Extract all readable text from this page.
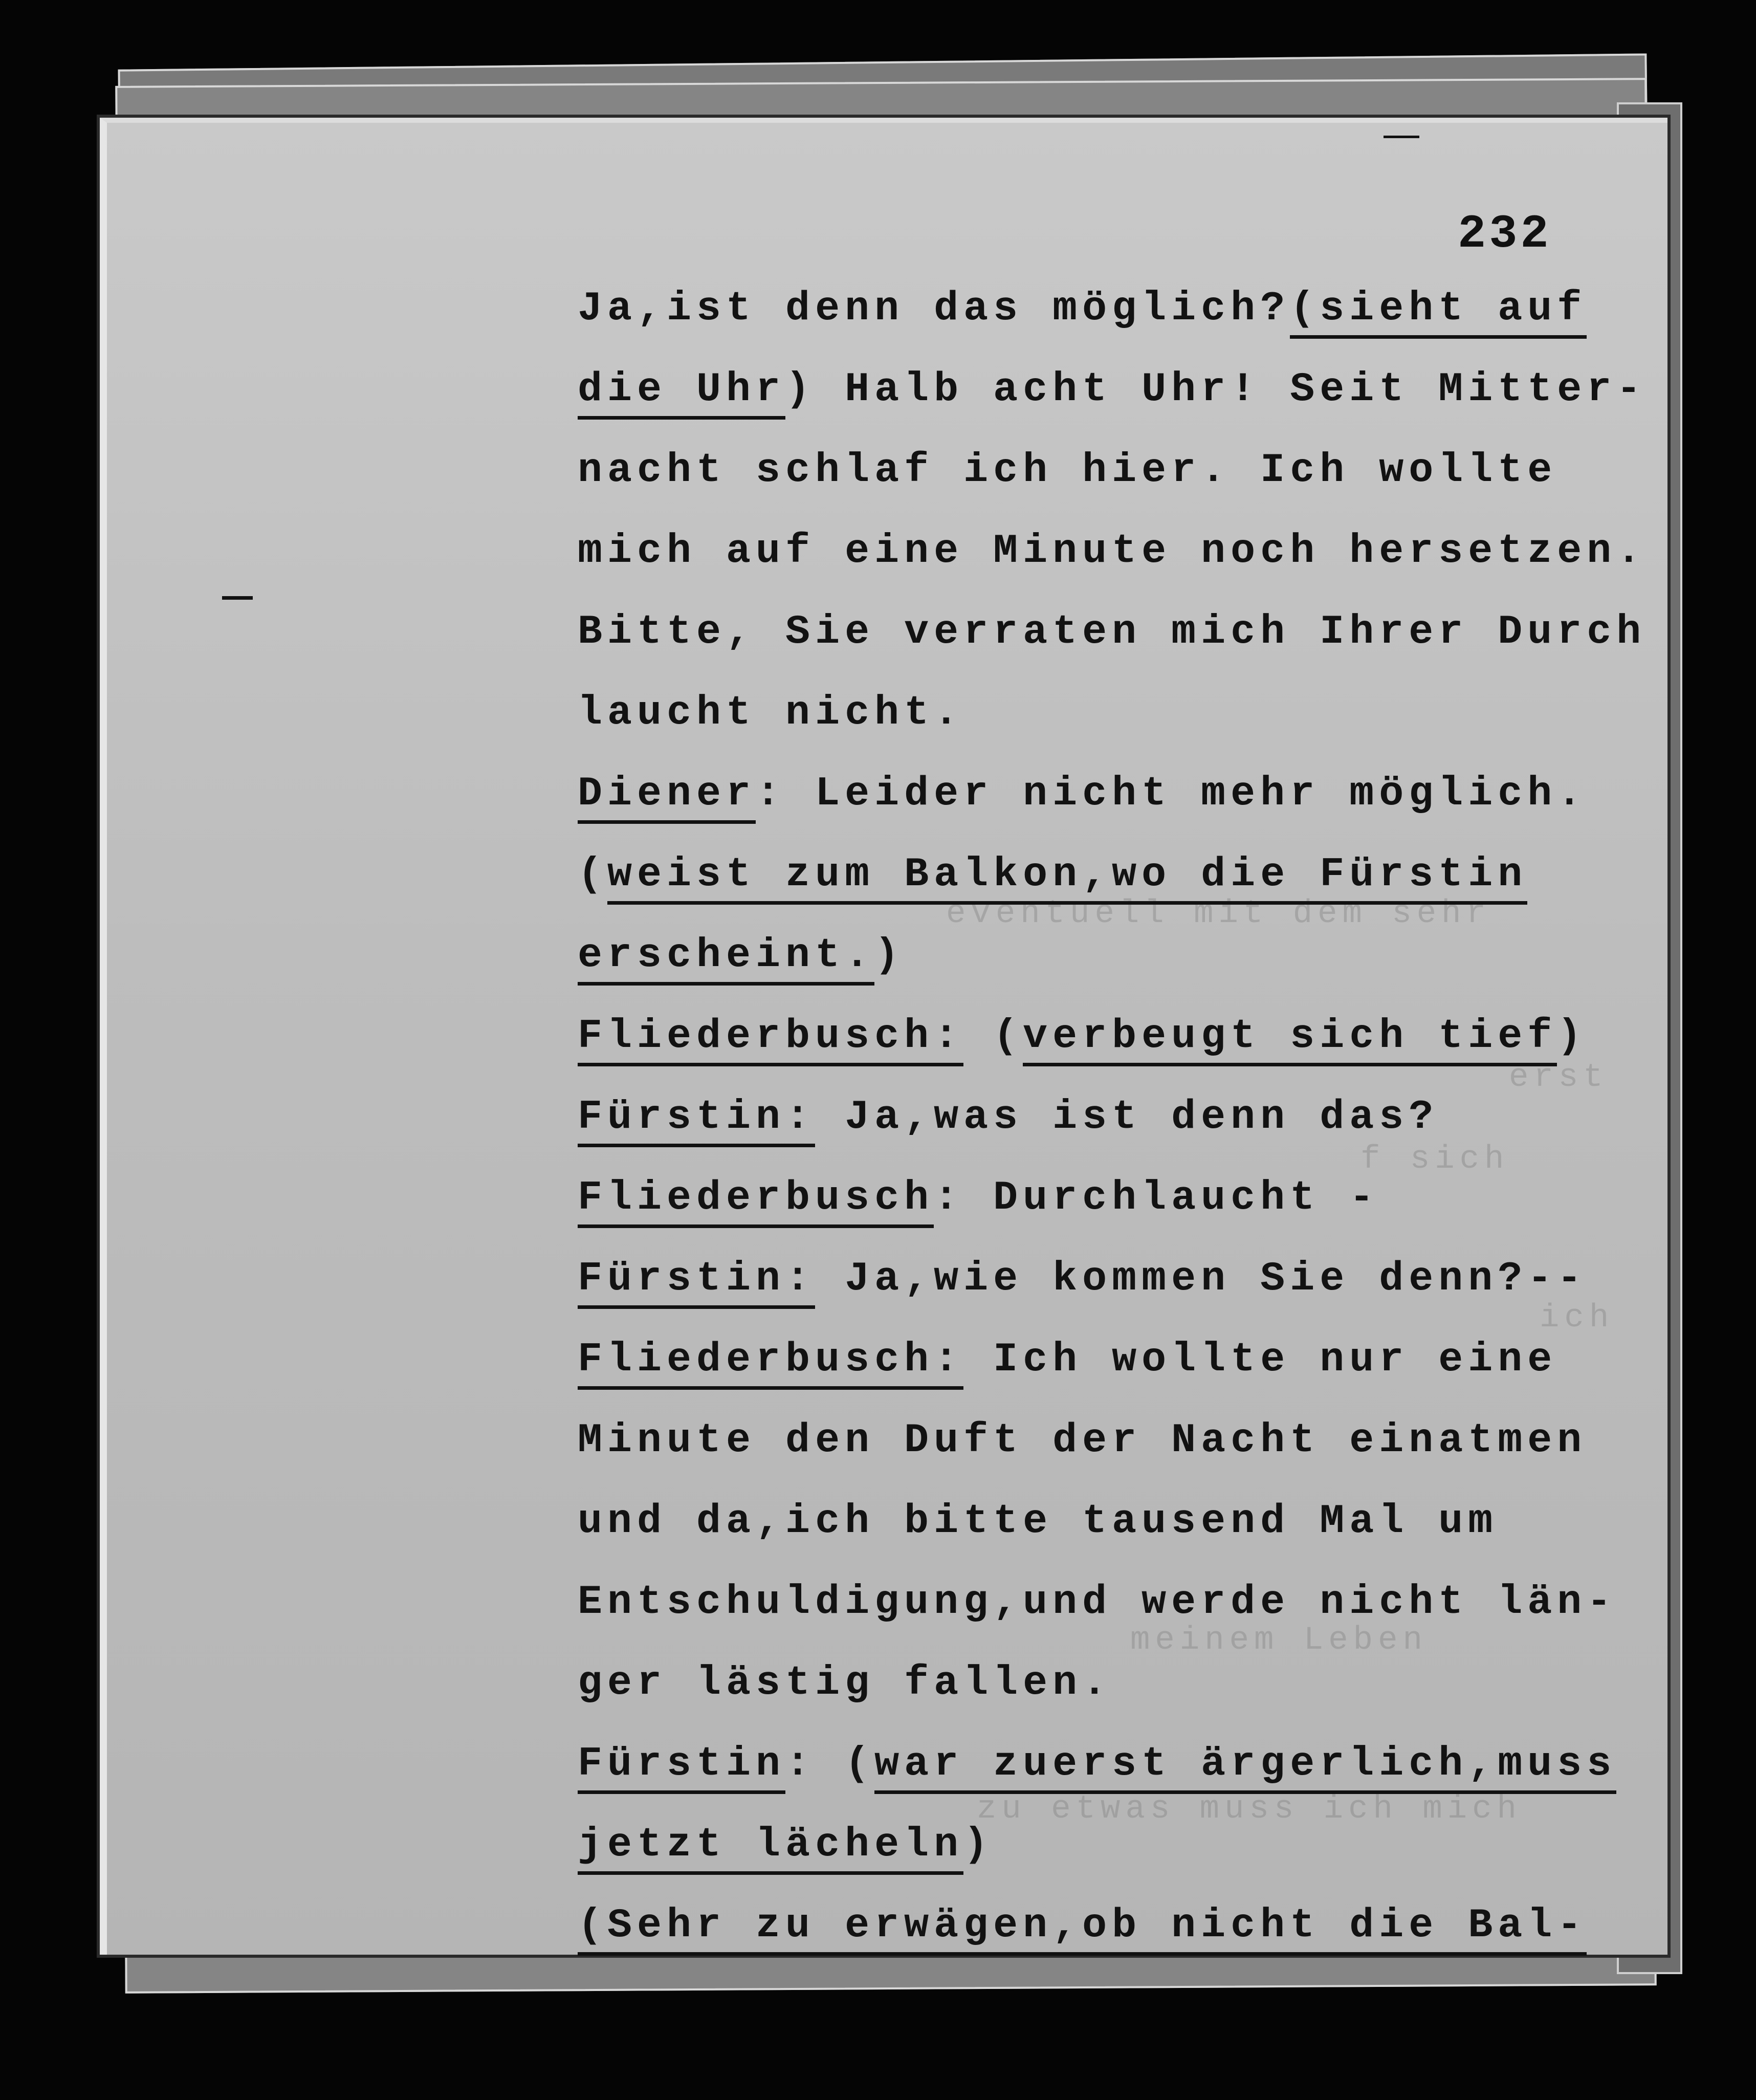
eventuell mit dem sehr
erst
f sich
ich
meinem Leben
zu etwas muss ich mich
232
Ja,ist denn das möglich?(sieht auf
die Uhr) Halb acht Uhr! Seit Mitter-
nacht schlaf ich hier. Ich wollte
mich auf eine Minute noch hersetzen.
Bitte, Sie verraten mich Ihrer Durch
laucht nicht.
Diener: Leider nicht mehr möglich.
(weist zum Balkon,wo die Fürstin
erscheint.)
Fliederbusch: (verbeugt sich tief)
Fürstin: Ja,was ist denn das?
Fliederbusch: Durchlaucht -
Fürstin: Ja,wie kommen Sie denn?--
Fliederbusch: Ich wollte nur eine
Minute den Duft der Nacht einatmen
und da,ich bitte tausend Mal um
Entschuldigung,und werde nicht län-
ger lästig fallen.
Fürstin: (war zuerst ärgerlich,muss
jetzt lächeln)
(Sehr zu erwägen,ob nicht die Bal-
